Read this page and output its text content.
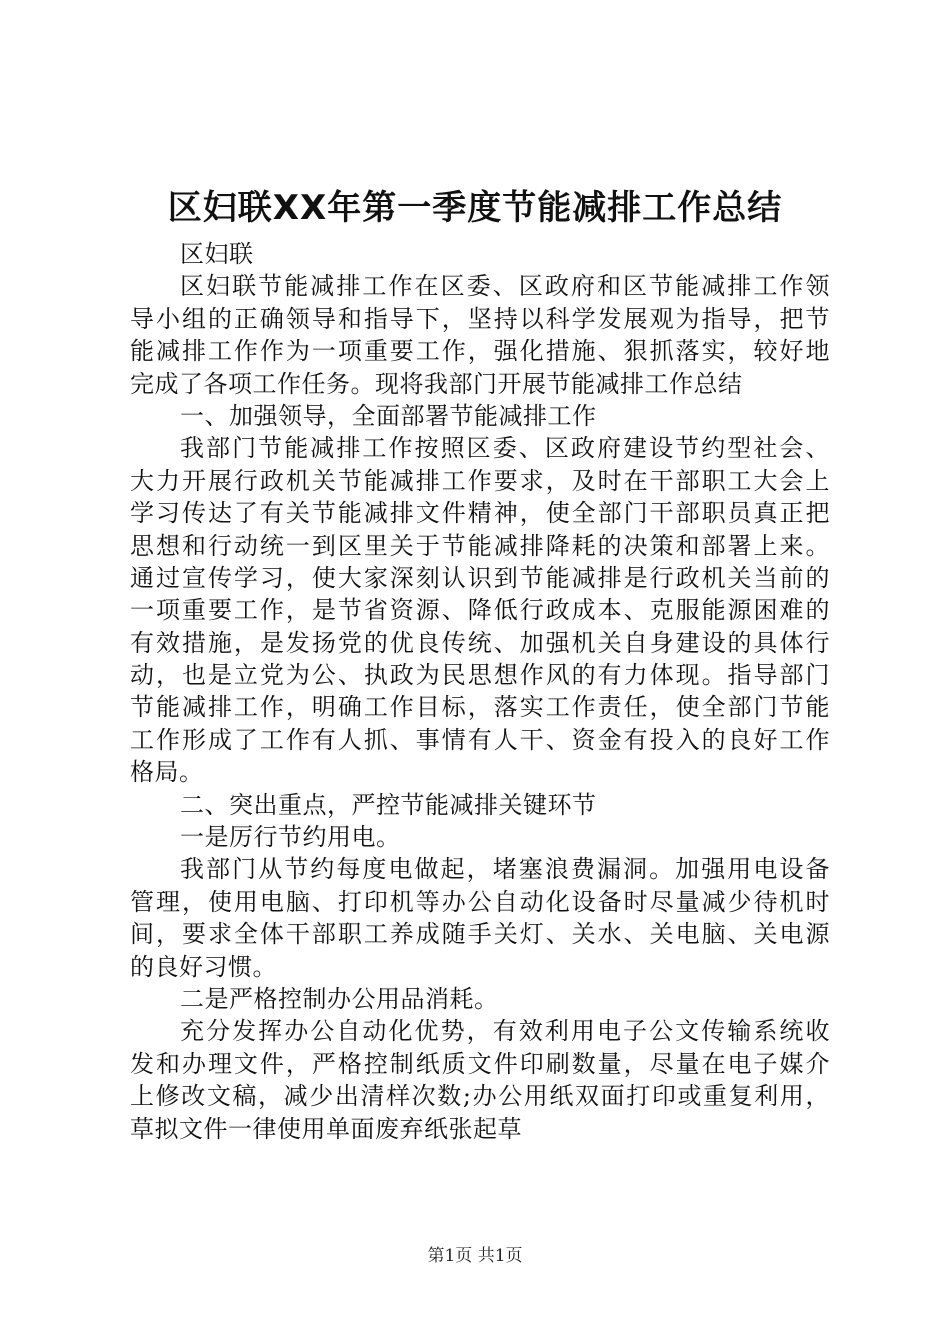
区妇联XX年第一季度节能减排工作总结
区妇联
区妇联节能减排工作在区委、区政府和区节能减排工作领
导小组的正确领导和指导下，坚持以科学发展观为指导，把节
能减排工作作为一项重要工作，强化措施、狠抓落实，较好地
完成了各项工作任务。现将我部门开展节能减排工作总结
一、加强领导，全面部署节能减排工作
我部门节能减排工作按照区委、区政府建设节约型社会、
大力开展行政机关节能减排工作要求，及时在干部职工大会上
学习传达了有关节能减排文件精神，使全部门干部职员真正把
思想和行动统一到区里关于节能减排降耗的决策和部署上来。
通过宣传学习，使大家深刻认识到节能减排是行政机关当前的
一项重要工作，是节省资源、降低行政成本、克服能源困难的
有效措施，是发扬党的优良传统、加强机关自身建设的具体行
动，也是立党为公、执政为民思想作风的有力体现。指导部门
节能减排工作，明确工作目标，落实工作责任，使全部门节能
工作形成了工作有人抓、事情有人干、资金有投入的良好工作
格局。
二、突出重点，严控节能减排关键环节
一是厉行节约用电。
我部门从节约每度电做起，堵塞浪费漏洞。加强用电设备
管理，使用电脑、打印机等办公自动化设备时尽量减少待机时
间，要求全体干部职工养成随手关灯、关水、关电脑、关电源
的良好习惯。
二是严格控制办公用品消耗。
充分发挥办公自动化优势，有效利用电子公文传输系统收
发和办理文件，严格控制纸质文件印刷数量，尽量在电子媒介
上修改文稿，减少出清样次数;办公用纸双面打印或重复利用，
草拟文件一律使用单面废弃纸张起草
第1页 共1页
